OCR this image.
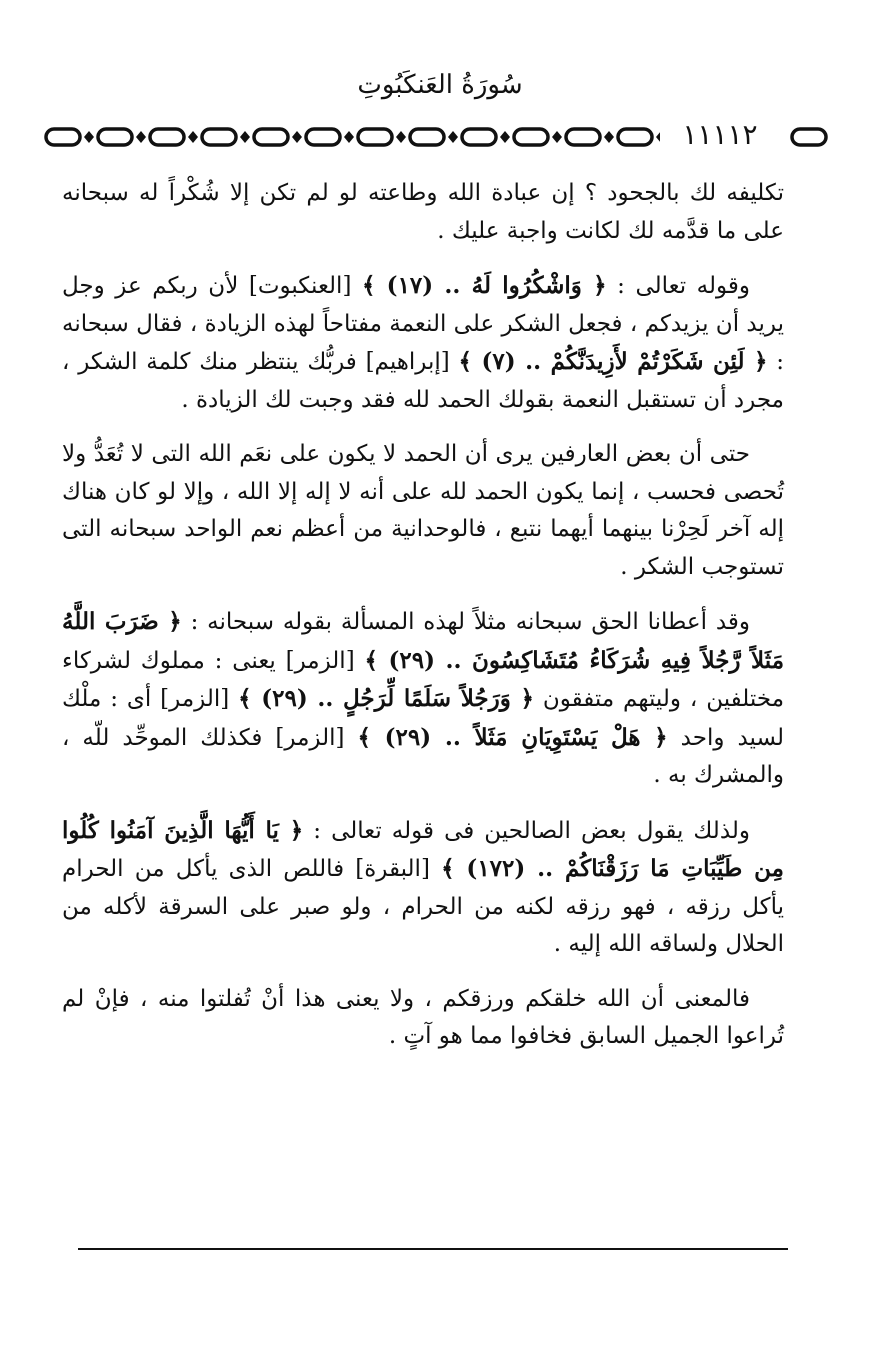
سُورَةُ العَنكَبُوتِ
١١١١٢

تكليفه لك بالجحود ؟ إن عبادة الله وطاعته لو لم تكن إلا شُكْراً له سبحانه على ما قدَّمه لك لكانت واجبة عليك .

وقوله تعالى : ﴿ وَاشْكُرُوا لَهُ .. (١٧) ﴾ [العنكبوت] لأن ربكم عز وجل يريد أن يزيدكم ، فجعل الشكر على النعمة مفتاحاً لهذه الزيادة ، فقال سبحانه : ﴿ لَئِن شَكَرْتُمْ لأَزِيدَنَّكُمْ .. (٧) ﴾ [إبراهيم] فربُّك ينتظر منك كلمة الشكر ، مجرد أن تستقبل النعمة بقولك الحمد لله فقد وجبت لك الزيادة .

حتى أن بعض العارفين يرى أن الحمد لا يكون على نعَم الله التى لا تُعَدُّ ولا تُحصى فحسب ، إنما يكون الحمد لله على أنه لا إله إلا الله ، وإلا لو كان هناك إله آخر لَحِرْنا بينهما أيهما نتبع ، فالوحدانية من أعظم نعم الواحد سبحانه التى تستوجب الشكر .

وقد أعطانا الحق سبحانه مثلاً لهذه المسألة بقوله سبحانه : ﴿ ضَرَبَ اللَّهُ مَثَلاً رَّجُلاً فِيهِ شُرَكَاءُ مُتَشَاكِسُونَ .. (٢٩) ﴾ [الزمر] يعنى : مملوك لشركاء مختلفين ، وليتهم متفقون ﴿ وَرَجُلاً سَلَمًا لِّرَجُلٍ .. (٢٩) ﴾ [الزمر] أى : ملْك لسيد واحد ﴿ هَلْ يَسْتَوِيَانِ مَثَلاً .. (٢٩) ﴾ [الزمر] فكذلك الموحِّد للّه ، والمشرك به .

ولذلك يقول بعض الصالحين فى قوله تعالى : ﴿ يَا أَيُّهَا الَّذِينَ آمَنُوا كُلُوا مِن طَيِّبَاتِ مَا رَزَقْنَاكُمْ .. (١٧٢) ﴾ [البقرة] فاللص الذى يأكل من الحرام يأكل رزقه ، فهو رزقه لكنه من الحرام ، ولو صبر على السرقة لأكله من الحلال ولساقه الله إليه .

فالمعنى أن الله خلقكم ورزقكم ، ولا يعنى هذا أنْ تُفلتوا منه ، فإنْ لم تُراعوا الجميل السابق فخافوا مما هو آتٍ .
